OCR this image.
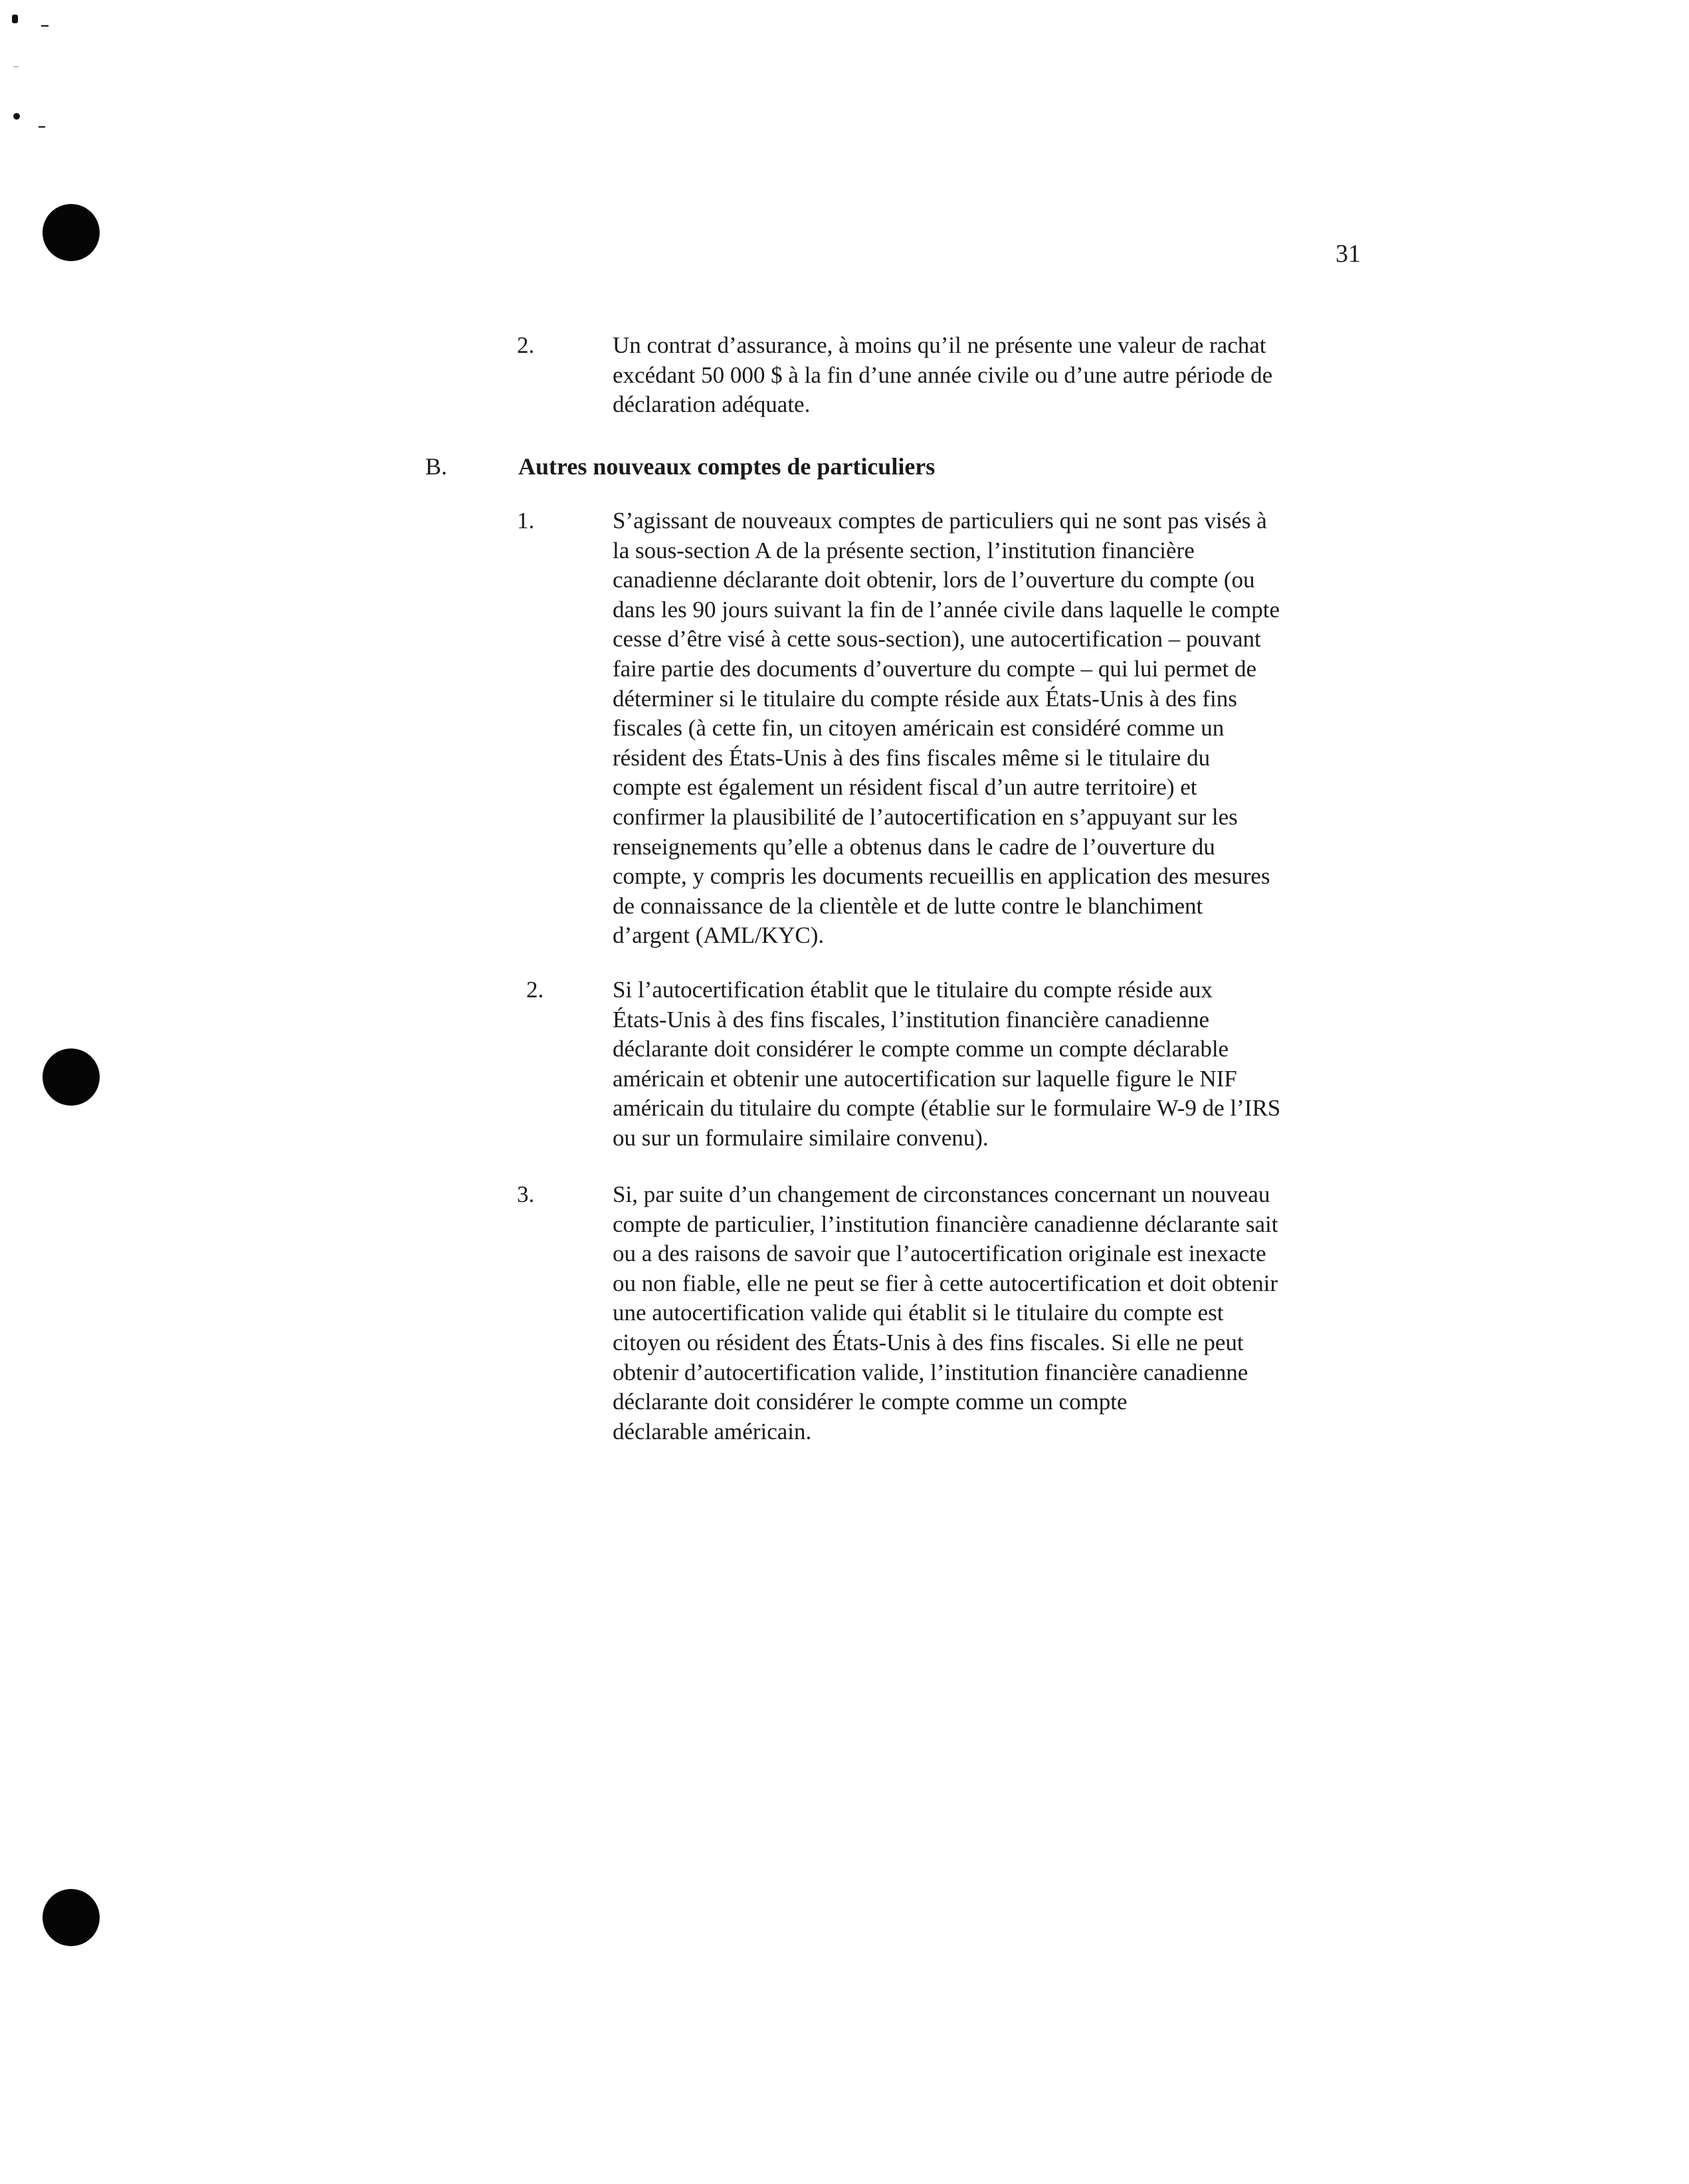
31
2.	Un contrat d’assurance, à moins qu’il ne présente une valeur de rachat
excédant 50 000 $ à la fin d’une année civile ou d’une autre période de
déclaration adéquate.
B.	Autres nouveaux comptes de particuliers
1.	S’agissant de nouveaux comptes de particuliers qui ne sont pas visés à
la sous-section A de la présente section, l’institution financière
canadienne déclarante doit obtenir, lors de l’ouverture du compte (ou
dans les 90 jours suivant la fin de l’année civile dans laquelle le compte
cesse d’être visé à cette sous-section), une autocertification – pouvant
faire partie des documents d’ouverture du compte – qui lui permet de
déterminer si le titulaire du compte réside aux États-Unis à des fins
fiscales (à cette fin, un citoyen américain est considéré comme un
résident des États-Unis à des fins fiscales même si le titulaire du
compte est également un résident fiscal d’un autre territoire) et
confirmer la plausibilité de l’autocertification en s’appuyant sur les
renseignements qu’elle a obtenus dans le cadre de l’ouverture du
compte, y compris les documents recueillis en application des mesures
de connaissance de la clientèle et de lutte contre le blanchiment
d’argent (AML/KYC).
2.	Si l’autocertification établit que le titulaire du compte réside aux
États-Unis à des fins fiscales, l’institution financière canadienne
déclarante doit considérer le compte comme un compte déclarable
américain et obtenir une autocertification sur laquelle figure le NIF
américain du titulaire du compte (établie sur le formulaire W-9 de l’IRS
ou sur un formulaire similaire convenu).
3.	Si, par suite d’un changement de circonstances concernant un nouveau
compte de particulier, l’institution financière canadienne déclarante sait
ou a des raisons de savoir que l’autocertification originale est inexacte
ou non fiable, elle ne peut se fier à cette autocertification et doit obtenir
une autocertification valide qui établit si le titulaire du compte est
citoyen ou résident des États-Unis à des fins fiscales. Si elle ne peut
obtenir d’autocertification valide, l’institution financière canadienne
déclarante doit considérer le compte comme un compte
déclarable américain.
